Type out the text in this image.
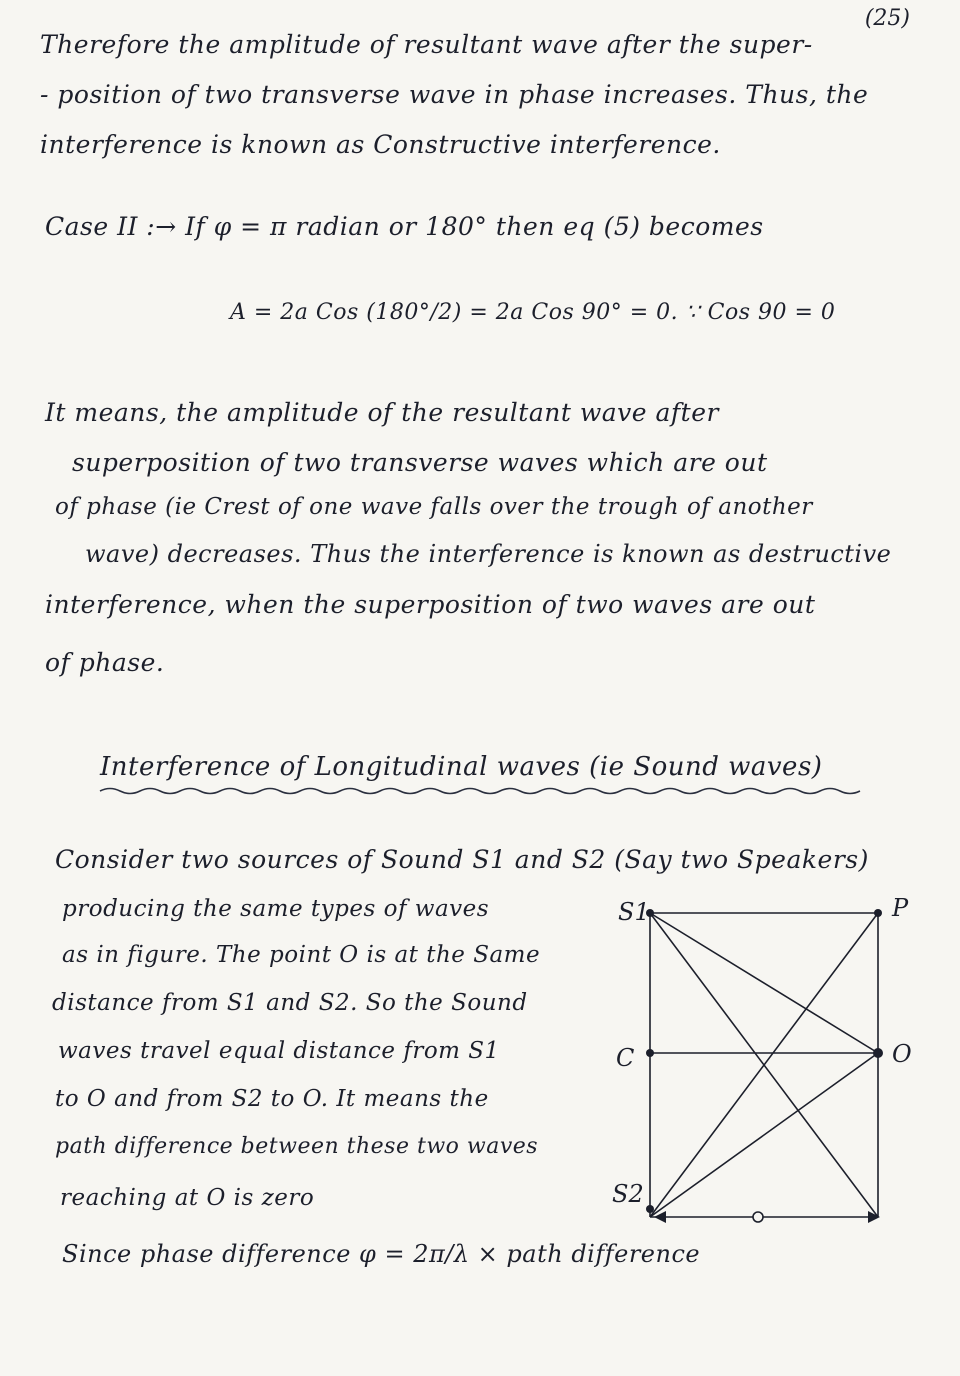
(25)
Therefore the amplitude of resultant wave after the super-
- position of two transverse wave in phase increases. Thus, the
interference is known as Constructive interference.
Case II :→ If φ = π radian or 180° then eq (5) becomes
A = 2a Cos (180°/2) = 2a Cos 90° = 0. ∵ Cos 90 = 0
It means, the amplitude of the resultant wave after
superposition of two transverse waves which are out
of phase (ie Crest of one wave falls over the trough of another
wave) decreases. Thus the interference is known as destructive
interference, when the superposition of two waves are out
of phase.
Interference of Longitudinal waves (ie Sound waves)
Consider two sources of Sound S1 and S2 (Say two Speakers)
producing the same types of waves
as in figure. The point O is at the Same
distance from S1 and S2. So the Sound
waves travel equal distance from S1
to O and from S2 to O. It means the
path difference between these two waves
reaching at O is zero
Since phase difference φ = 2π/λ × path difference
S1	P
C	O
S2
